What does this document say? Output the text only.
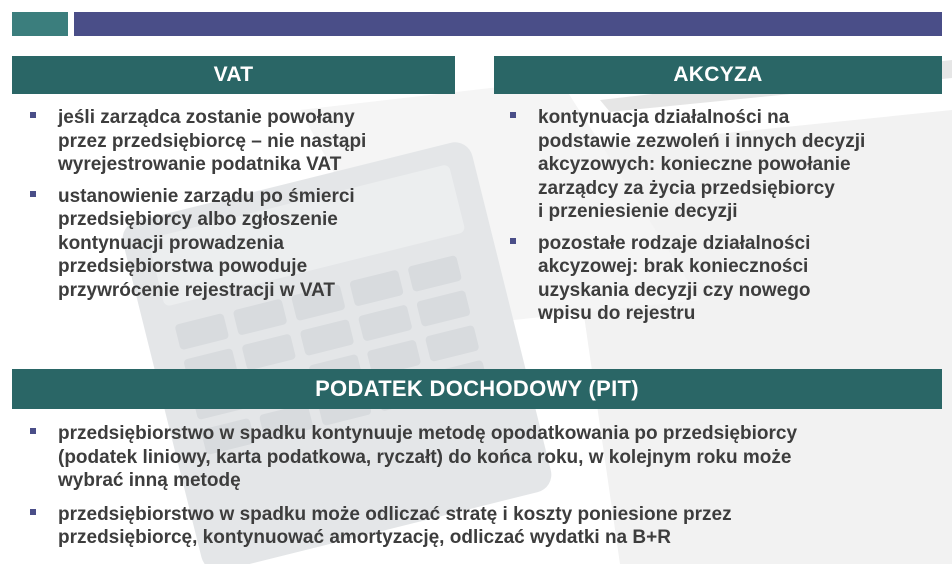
VAT
jeśli zarządca zostanie powołany
przez przedsiębiorcę – nie nastąpi
wyrejestrowanie podatnika VAT
ustanowienie zarządu po śmierci
przedsiębiorcy albo zgłoszenie
kontynuacji prowadzenia
przedsiębiorstwa powoduje
przywrócenie rejestracji w VAT
AKCYZA
kontynuacja działalności na
podstawie zezwoleń i innych decyzji
akcyzowych: konieczne powołanie
zarządcy za życia przedsiębiorcy
i przeniesienie decyzji
pozostałe rodzaje działalności
akcyzowej: brak konieczności
uzyskania decyzji czy nowego
wpisu do rejestru
PODATEK DOCHODOWY (PIT)
przedsiębiorstwo w spadku kontynuuje metodę opodatkowania po przedsiębiorcy
(podatek liniowy, karta podatkowa, ryczałt) do końca roku, w kolejnym roku może
wybrać inną metodę
przedsiębiorstwo w spadku może odliczać stratę i koszty poniesione przez
przedsiębiorcę, kontynuować amortyzację, odliczać wydatki na B+R
